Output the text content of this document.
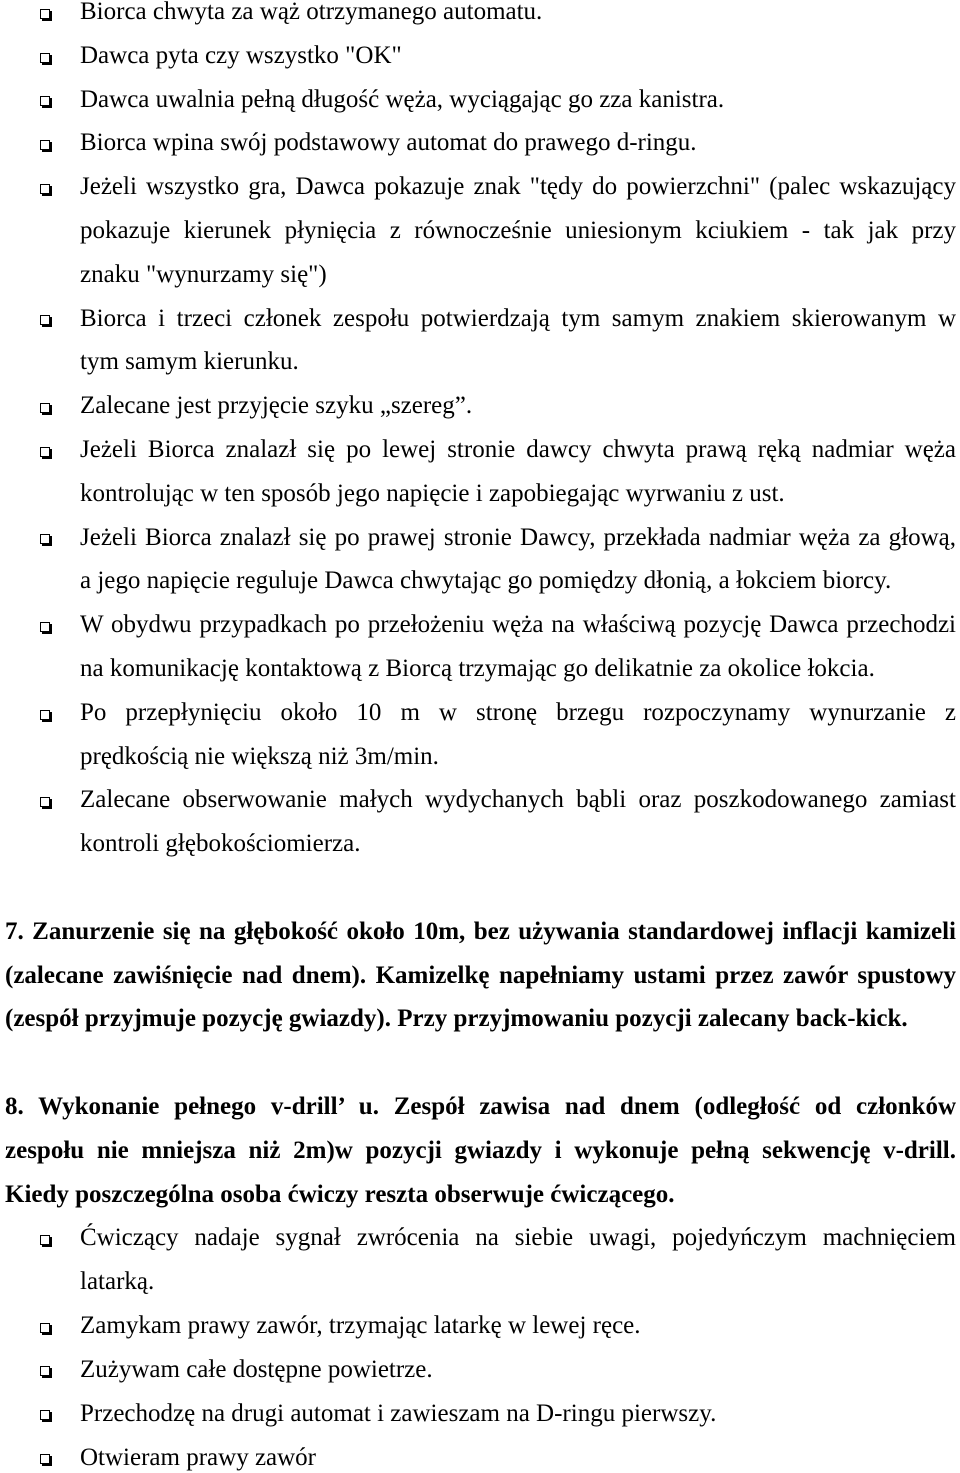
Biorca chwyta za wąż otrzymanego automatu.
Dawca pyta czy wszystko "OK"
Dawca uwalnia pełną długość węża, wyciągając go zza kanistra.
Biorca wpina swój podstawowy automat do prawego d-ringu.
Jeżeli wszystko gra, Dawca pokazuje znak "tędy do powierzchni" (palec wskazujący
pokazuje kierunek płynięcia z równocześnie uniesionym kciukiem - tak jak przy
znaku "wynurzamy się")
Biorca i trzeci członek zespołu potwierdzają tym samym znakiem skierowanym w
tym samym kierunku.
Zalecane jest przyjęcie szyku „szereg”.
Jeżeli Biorca znalazł się po lewej stronie dawcy chwyta prawą ręką nadmiar węża
kontrolując w ten sposób jego napięcie i zapobiegając wyrwaniu z ust.
Jeżeli Biorca znalazł się po prawej stronie Dawcy, przekłada nadmiar węża za głową,
a jego napięcie reguluje Dawca chwytając go pomiędzy dłonią, a łokciem biorcy.
W obydwu przypadkach po przełożeniu węża na właściwą pozycję Dawca przechodzi
na komunikację kontaktową z Biorcą trzymając go delikatnie za okolice łokcia.
Po przepłynięciu około 10 m w stronę brzegu rozpoczynamy wynurzanie z
prędkością nie większą niż 3m/min.
Zalecane obserwowanie małych wydychanych bąbli oraz poszkodowanego zamiast
kontroli głębokościomierza.
7. Zanurzenie się na głębokość około 10m, bez używania standardowej inflacji kamizeli
(zalecane zawiśnięcie nad dnem). Kamizelkę napełniamy ustami przez zawór spustowy
(zespół przyjmuje pozycję gwiazdy). Przy przyjmowaniu pozycji zalecany back-kick.
8. Wykonanie pełnego v-drill’ u. Zespół zawisa nad dnem (odległość od członków
zespołu nie mniejsza niż 2m)w pozycji gwiazdy i wykonuje pełną sekwencję v-drill.
Kiedy poszczególna osoba ćwiczy reszta obserwuje ćwiczącego.
Ćwiczący nadaje sygnał zwrócenia na siebie uwagi, pojedyńczym machnięciem
latarką.
Zamykam prawy zawór, trzymając latarkę w lewej ręce.
Zużywam całe dostępne powietrze.
Przechodzę na drugi automat i zawieszam na D-ringu pierwszy.
Otwieram prawy zawór
